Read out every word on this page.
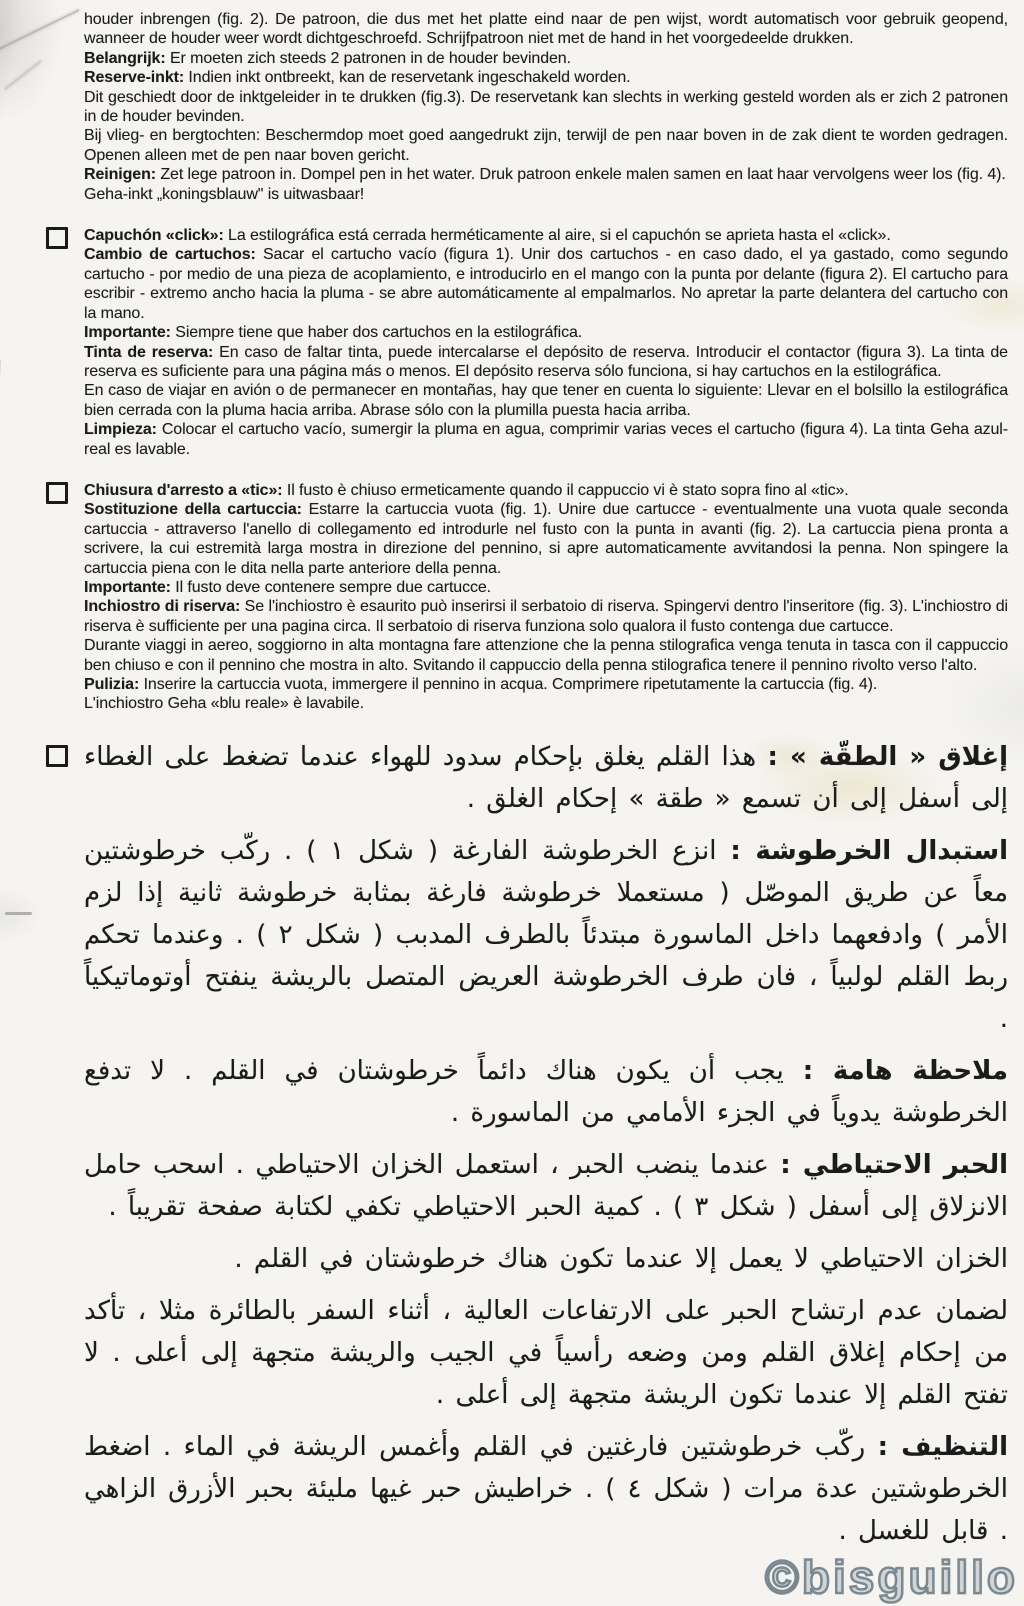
houder inbrengen (fig. 2). De patroon, die dus met het platte eind naar de pen wijst, wordt automatisch voor gebruik geopend, wanneer de houder weer wordt dichtgeschroefd. Schrijfpatroon niet met de hand in het voorgedeelde drukken.

Belangrijk: Er moeten zich steeds 2 patronen in de houder bevinden.

Reserve-inkt: Indien inkt ontbreekt, kan de reservetank ingeschakeld worden.

Dit geschiedt door de inktgeleider in te drukken (fig.3). De reservetank kan slechts in werking gesteld worden als er zich 2 patronen in de houder bevinden.

Bij vlieg- en bergtochten: Beschermdop moet goed aangedrukt zijn, terwijl de pen naar boven in de zak dient te worden gedragen. Openen alleen met de pen naar boven gericht.

Reinigen: Zet lege patroon in. Dompel pen in het water. Druk patroon enkele malen samen en laat haar vervolgens weer los (fig. 4).

Geha-inkt „koningsblauw" is uitwasbaar!

Capuchón «click»: La estilográfica está cerrada herméticamente al aire, si el capuchón se aprieta hasta el «click».

Cambio de cartuchos: Sacar el cartucho vacío (figura 1). Unir dos cartuchos - en caso dado, el ya gastado, como segundo cartucho - por medio de una pieza de acoplamiento, e introducirlo en el mango con la punta por delante (figura 2). El cartucho para escribir - extremo ancho hacia la pluma - se abre automáticamente al empalmarlos. No apretar la parte delantera del cartucho con la mano.

Importante: Siempre tiene que haber dos cartuchos en la estilográfica.

Tinta de reserva: En caso de faltar tinta, puede intercalarse el depósito de reserva. Introducir el contactor (figura 3). La tinta de reserva es suficiente para una página más o menos. El depósito reserva sólo funciona, si hay cartuchos en la estilográfica.

En caso de viajar en avión o de permanecer en montañas, hay que tener en cuenta lo siguiente: Llevar en el bolsillo la estilográfica bien cerrada con la pluma hacia arriba. Abrase sólo con la plumilla puesta hacia arriba.

Limpieza: Colocar el cartucho vacío, sumergir la pluma en agua, comprimir varias veces el cartucho (figura 4). La tinta Geha azul-real es lavable.

Chiusura d'arresto a «tic»: Il fusto è chiuso ermeticamente quando il cappuccio vi è stato sopra fino al «tic».

Sostituzione della cartuccia: Estarre la cartuccia vuota (fig. 1). Unire due cartucce - eventualmente una vuota quale seconda cartuccia - attraverso l'anello di collegamento ed introdurle nel fusto con la punta in avanti (fig. 2). La cartuccia piena pronta a scrivere, la cui estremità larga mostra in direzione del pennino, si apre automaticamente avvitandosi la penna. Non spingere la cartuccia piena con le dita nella parte anteriore della penna.

Importante: Il fusto deve contenere sempre due cartucce.

Inchiostro di riserva: Se l'inchiostro è esaurito può inserirsi il serbatoio di riserva. Spingervi dentro l'inseritore (fig. 3). L'inchiostro di riserva è sufficiente per una pagina circa. Il serbatoio di riserva funziona solo qualora il fusto contenga due cartucce.

Durante viaggi in aereo, soggiorno in alta montagna fare attenzione che la penna stilografica venga tenuta in tasca con il cappuccio ben chiuso e con il pennino che mostra in alto. Svitando il cappuccio della penna stilografica tenere il pennino rivolto verso l'alto.

Pulizia: Inserire la cartuccia vuota, immergere il pennino in acqua. Comprimere ripetutamente la cartuccia (fig. 4).

L'inchiostro Geha «blu reale» è lavabile.

إغلاق « الطقّة » : هذا القلم يغلق بإحكام سدود للهواء عندما تضغط على الغطاء إلى أسفل إلى أن تسمع « طقة » إحكام الغلق .

استبدال الخرطوشة : انزع الخرطوشة الفارغة ( شكل ١ ) . ركّب خرطوشتين معاً عن طريق الموصّل ( مستعملا خرطوشة فارغة بمثابة خرطوشة ثانية إذا لزم الأمر ) وادفعهما داخل الماسورة مبتدئاً بالطرف المدبب ( شكل ٢ ) . وعندما تحكم ربط القلم لولبياً ، فان طرف الخرطوشة العريض المتصل بالريشة ينفتح أوتوماتيكياً .

ملاحظة هامة : يجب أن يكون هناك دائماً خرطوشتان في القلم . لا تدفع الخرطوشة يدوياً في الجزء الأمامي من الماسورة .

الحبر الاحتياطي : عندما ينضب الحبر ، استعمل الخزان الاحتياطي . اسحب حامل الانزلاق إلى أسفل ( شكل ٣ ) . كمية الحبر الاحتياطي تكفي لكتابة صفحة تقريباً .

الخزان الاحتياطي لا يعمل إلا عندما تكون هناك خرطوشتان في القلم .

لضمان عدم ارتشاح الحبر على الارتفاعات العالية ، أثناء السفر بالطائرة مثلا ، تأكد من إحكام إغلاق القلم ومن وضعه رأسياً في الجيب والريشة متجهة إلى أعلى . لا تفتح القلم إلا عندما تكون الريشة متجهة إلى أعلى .

التنظيف : ركّب خرطوشتين فارغتين في القلم وأغمس الريشة في الماء . اضغط الخرطوشتين عدة مرات ( شكل ٤ ) . خراطيش حبر غيها مليئة بحبر الأزرق الزاهي . قابل للغسل .

©bisguillo
